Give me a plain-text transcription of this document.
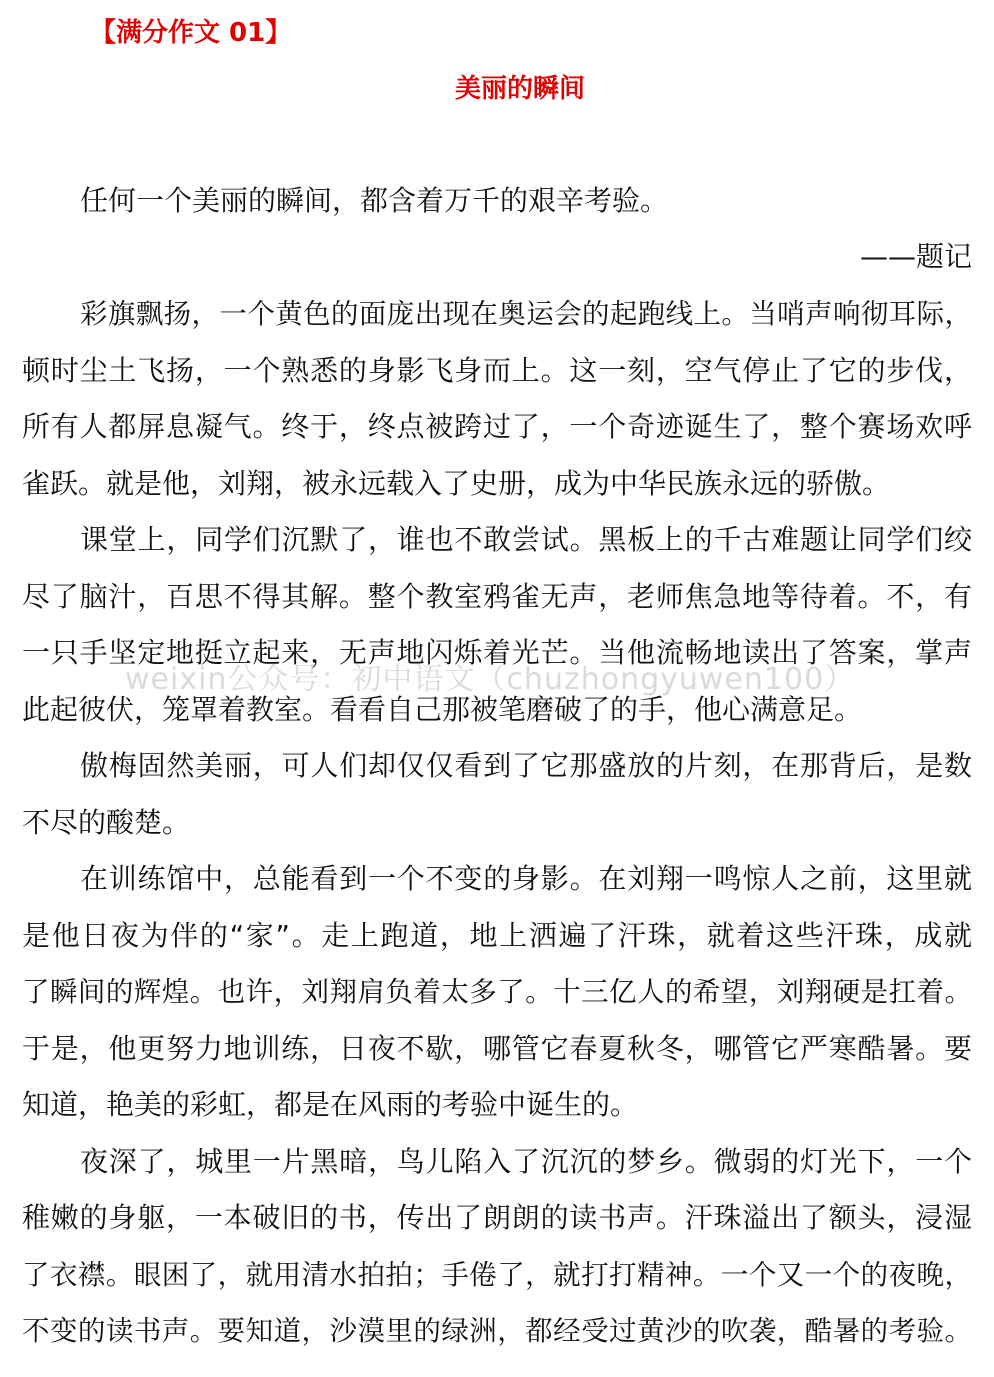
【满分作文 01】
美丽的瞬间
任何一个美丽的瞬间，都含着万千的艰辛考验。
——题记
彩旗飘扬，一个黄色的面庞出现在奥运会的起跑线上。当哨声响彻耳际，
顿时尘土飞扬，一个熟悉的身影飞身而上。这一刻，空气停止了它的步伐，
所有人都屏息凝气。终于，终点被跨过了，一个奇迹诞生了，整个赛场欢呼
雀跃。就是他，刘翔，被永远载入了史册，成为中华民族永远的骄傲。
课堂上，同学们沉默了，谁也不敢尝试。黑板上的千古难题让同学们绞
尽了脑汁，百思不得其解。整个教室鸦雀无声，老师焦急地等待着。不，有
一只手坚定地挺立起来，无声地闪烁着光芒。当他流畅地读出了答案，掌声
此起彼伏，笼罩着教室。看看自己那被笔磨破了的手，他心满意足。
傲梅固然美丽，可人们却仅仅看到了它那盛放的片刻，在那背后，是数
不尽的酸楚。
在训练馆中，总能看到一个不变的身影。在刘翔一鸣惊人之前，这里就
是他日夜为伴的“家”。走上跑道，地上洒遍了汗珠，就着这些汗珠，成就
了瞬间的辉煌。也许，刘翔肩负着太多了。十三亿人的希望，刘翔硬是扛着。
于是，他更努力地训练，日夜不歇，哪管它春夏秋冬，哪管它严寒酷暑。要
知道，艳美的彩虹，都是在风雨的考验中诞生的。
夜深了，城里一片黑暗，鸟儿陷入了沉沉的梦乡。微弱的灯光下，一个
稚嫩的身躯，一本破旧的书，传出了朗朗的读书声。汗珠溢出了额头，浸湿
了衣襟。眼困了，就用清水拍拍；手倦了，就打打精神。一个又一个的夜晚，
不变的读书声。要知道，沙漠里的绿洲，都经受过黄沙的吹袭，酷暑的考验。
weixin公众号：初中语文（chuzhongyuwen100）
